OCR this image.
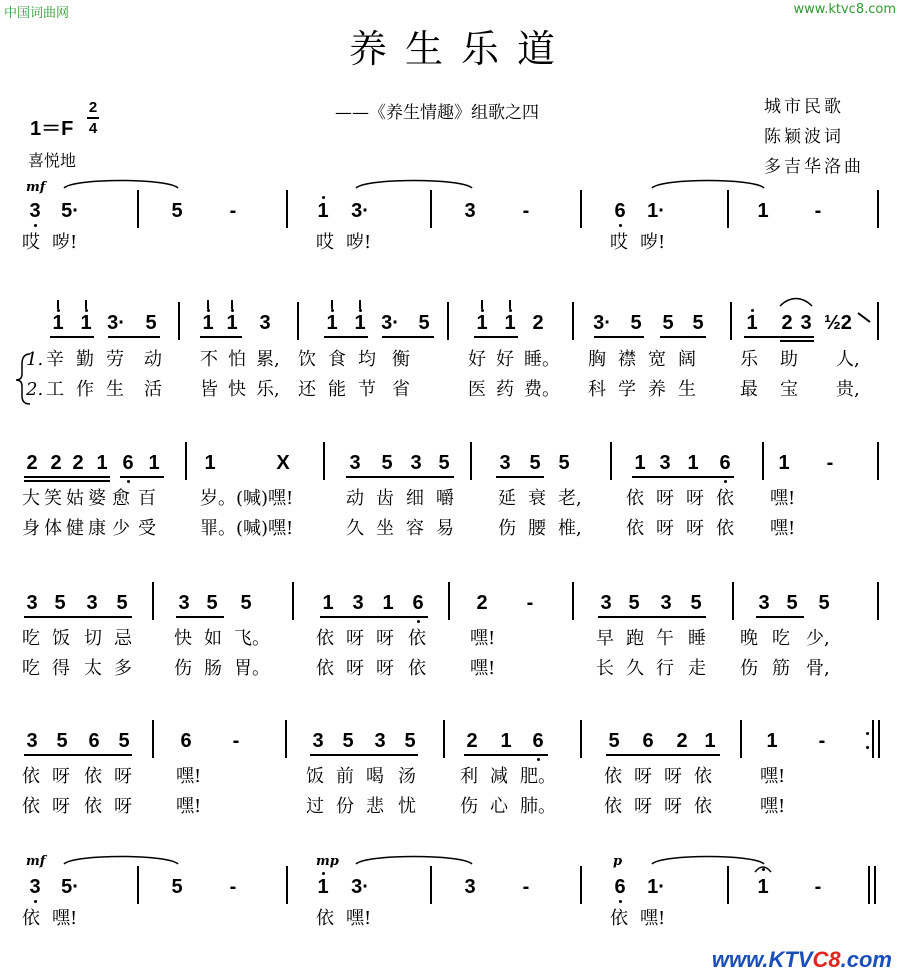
中国词曲网	www.ktvc8.com
养生乐道
——《养生情趣》组歌之四	城市民歌
陈颖波词
多吉华洛曲
1＝F
2
4
喜悦地
mf
3 5·	5 -	1 3·	3 -	6 1·	1 -
哎 哕!	哎 哕!	哎 哕!
1 1 3· 5 1 1 3	1 1 3· 5 1 1 2 3· 5 5 5 1 2 3 ½2
1.
2.
辛 勤 劳 动 不 怕 累, 饮 食 均 衡	好 好 睡。 胸 襟 宽 阔 乐 助 人,
工 作 生 活 皆 快 乐, 还 能 节 省	医 药 费。 科 学 养 生 最 宝 贵,
2 2 2 1 6 1 1	X	3 5 3 5 3 5 5	1 3 1 6 1 -
大 笑 姑 婆 愈 百 岁。(喊)嘿!	动 齿 细 嚼 延 衰 老, 依 呀 呀 依 嘿!
身 体 健 康 少 受 罪。(喊)嘿!	久 坐 容 易 伤 腰 椎, 依 呀 呀 依 嘿!
3 5 3 5	3 5 5	1 3 1 6	2 -	3 5 3 5	3 5 5
吃 饭 切 忌 快 如 飞。	依 呀 呀 依 嘿!	早 跑 午 睡 晚 吃 少,
吃 得 太 多 伤 肠 胃。	依 呀 呀 依 嘿!	长 久 行 走 伤 筋 骨,
3 5 6 5	6 -	3 5 3 5	2 1 6	5 6 2 1	1 -
依 呀 依 呀 嘿!	饭 前 喝 汤 利 减 肥。	依 呀 呀 依	嘿!
依 呀 依 呀 嘿!	过 份 悲 忧 伤 心 肺。	依 呀 呀 依	嘿!
mf	mp	p
3 5·	5 -	1 3·	3 -	6 1·	1 -
依 嘿!	依 嘿!	依 嘿!
www.KTVC8.com
